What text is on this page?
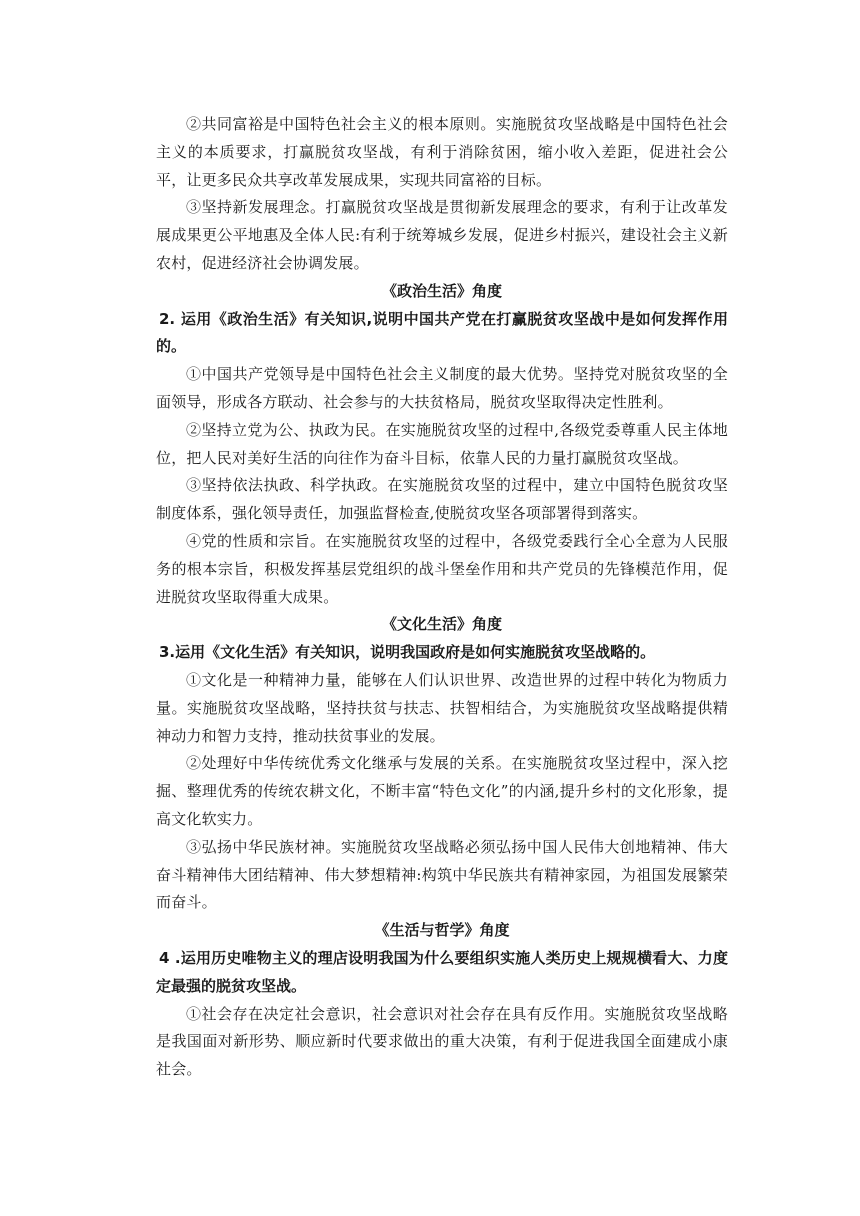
②共同富裕是中国特色社会主义的根本原则。实施脱贫攻坚战略是中国特色社会主义的本质要求，打赢脱贫攻坚战，有利于消除贫困，缩小收入差距，促进社会公平，让更多民众共享改革发展成果，实现共同富裕的目标。

③坚持新发展理念。打赢脱贫攻坚战是贯彻新发展理念的要求，有利于让改革发展成果更公平地惠及全体人民:有利于统筹城乡发展，促进乡村振兴，建设社会主义新农村，促进经济社会协调发展。

《政治生活》角度

2. 运用《政治生活》有关知识,说明中国共产党在打赢脱贫攻坚战中是如何发挥作用的。

①中国共产党领导是中国特色社会主义制度的最大优势。坚持党对脱贫攻坚的全面领导，形成各方联动、社会参与的大扶贫格局，脱贫攻坚取得决定性胜利。

②坚持立党为公、执政为民。在实施脱贫攻坚的过程中,各级党委尊重人民主体地位，把人民对美好生活的向往作为奋斗目标，依靠人民的力量打赢脱贫攻坚战。

③坚持依法执政、科学执政。在实施脱贫攻坚的过程中，建立中国特色脱贫攻坚制度体系，强化领导责任，加强监督检查,使脱贫攻坚各项部署得到落实。

④党的性质和宗旨。在实施脱贫攻坚的过程中，各级党委践行全心全意为人民服务的根本宗旨，积极发挥基层党组织的战斗堡垒作用和共产党员的先锋模范作用，促进脱贫攻坚取得重大成果。

《文化生活》角度

3.运用《文化生活》有关知识，说明我国政府是如何实施脱贫攻坚战略的。

①文化是一种精神力量，能够在人们认识世界、改造世界的过程中转化为物质力量。实施脱贫攻坚战略，坚持扶贫与扶志、扶智相结合，为实施脱贫攻坚战略提供精神动力和智力支持，推动扶贫事业的发展。

②处理好中华传统优秀文化继承与发展的关系。在实施脱贫攻坚过程中，深入挖掘、整理优秀的传统农耕文化，不断丰富“特色文化”的内涵,提升乡村的文化形象，提高文化软实力。

③弘扬中华民族材神。实施脱贫攻坚战略必须弘扬中国人民伟大创地精神、伟大奋斗精神伟大团结精神、伟大梦想精神:构筑中华民族共有精神家园，为祖国发展繁荣而奋斗。

《生活与哲学》角度

4 .运用历史唯物主义的理店设明我国为什么要组织实施人类历史上规规横看大、力度定最强的脱贫攻坚战。

①社会存在决定社会意识，社会意识对社会存在具有反作用。实施脱贫攻坚战略是我国面对新形势、顺应新时代要求做出的重大决策，有利于促进我国全面建成小康社会。
